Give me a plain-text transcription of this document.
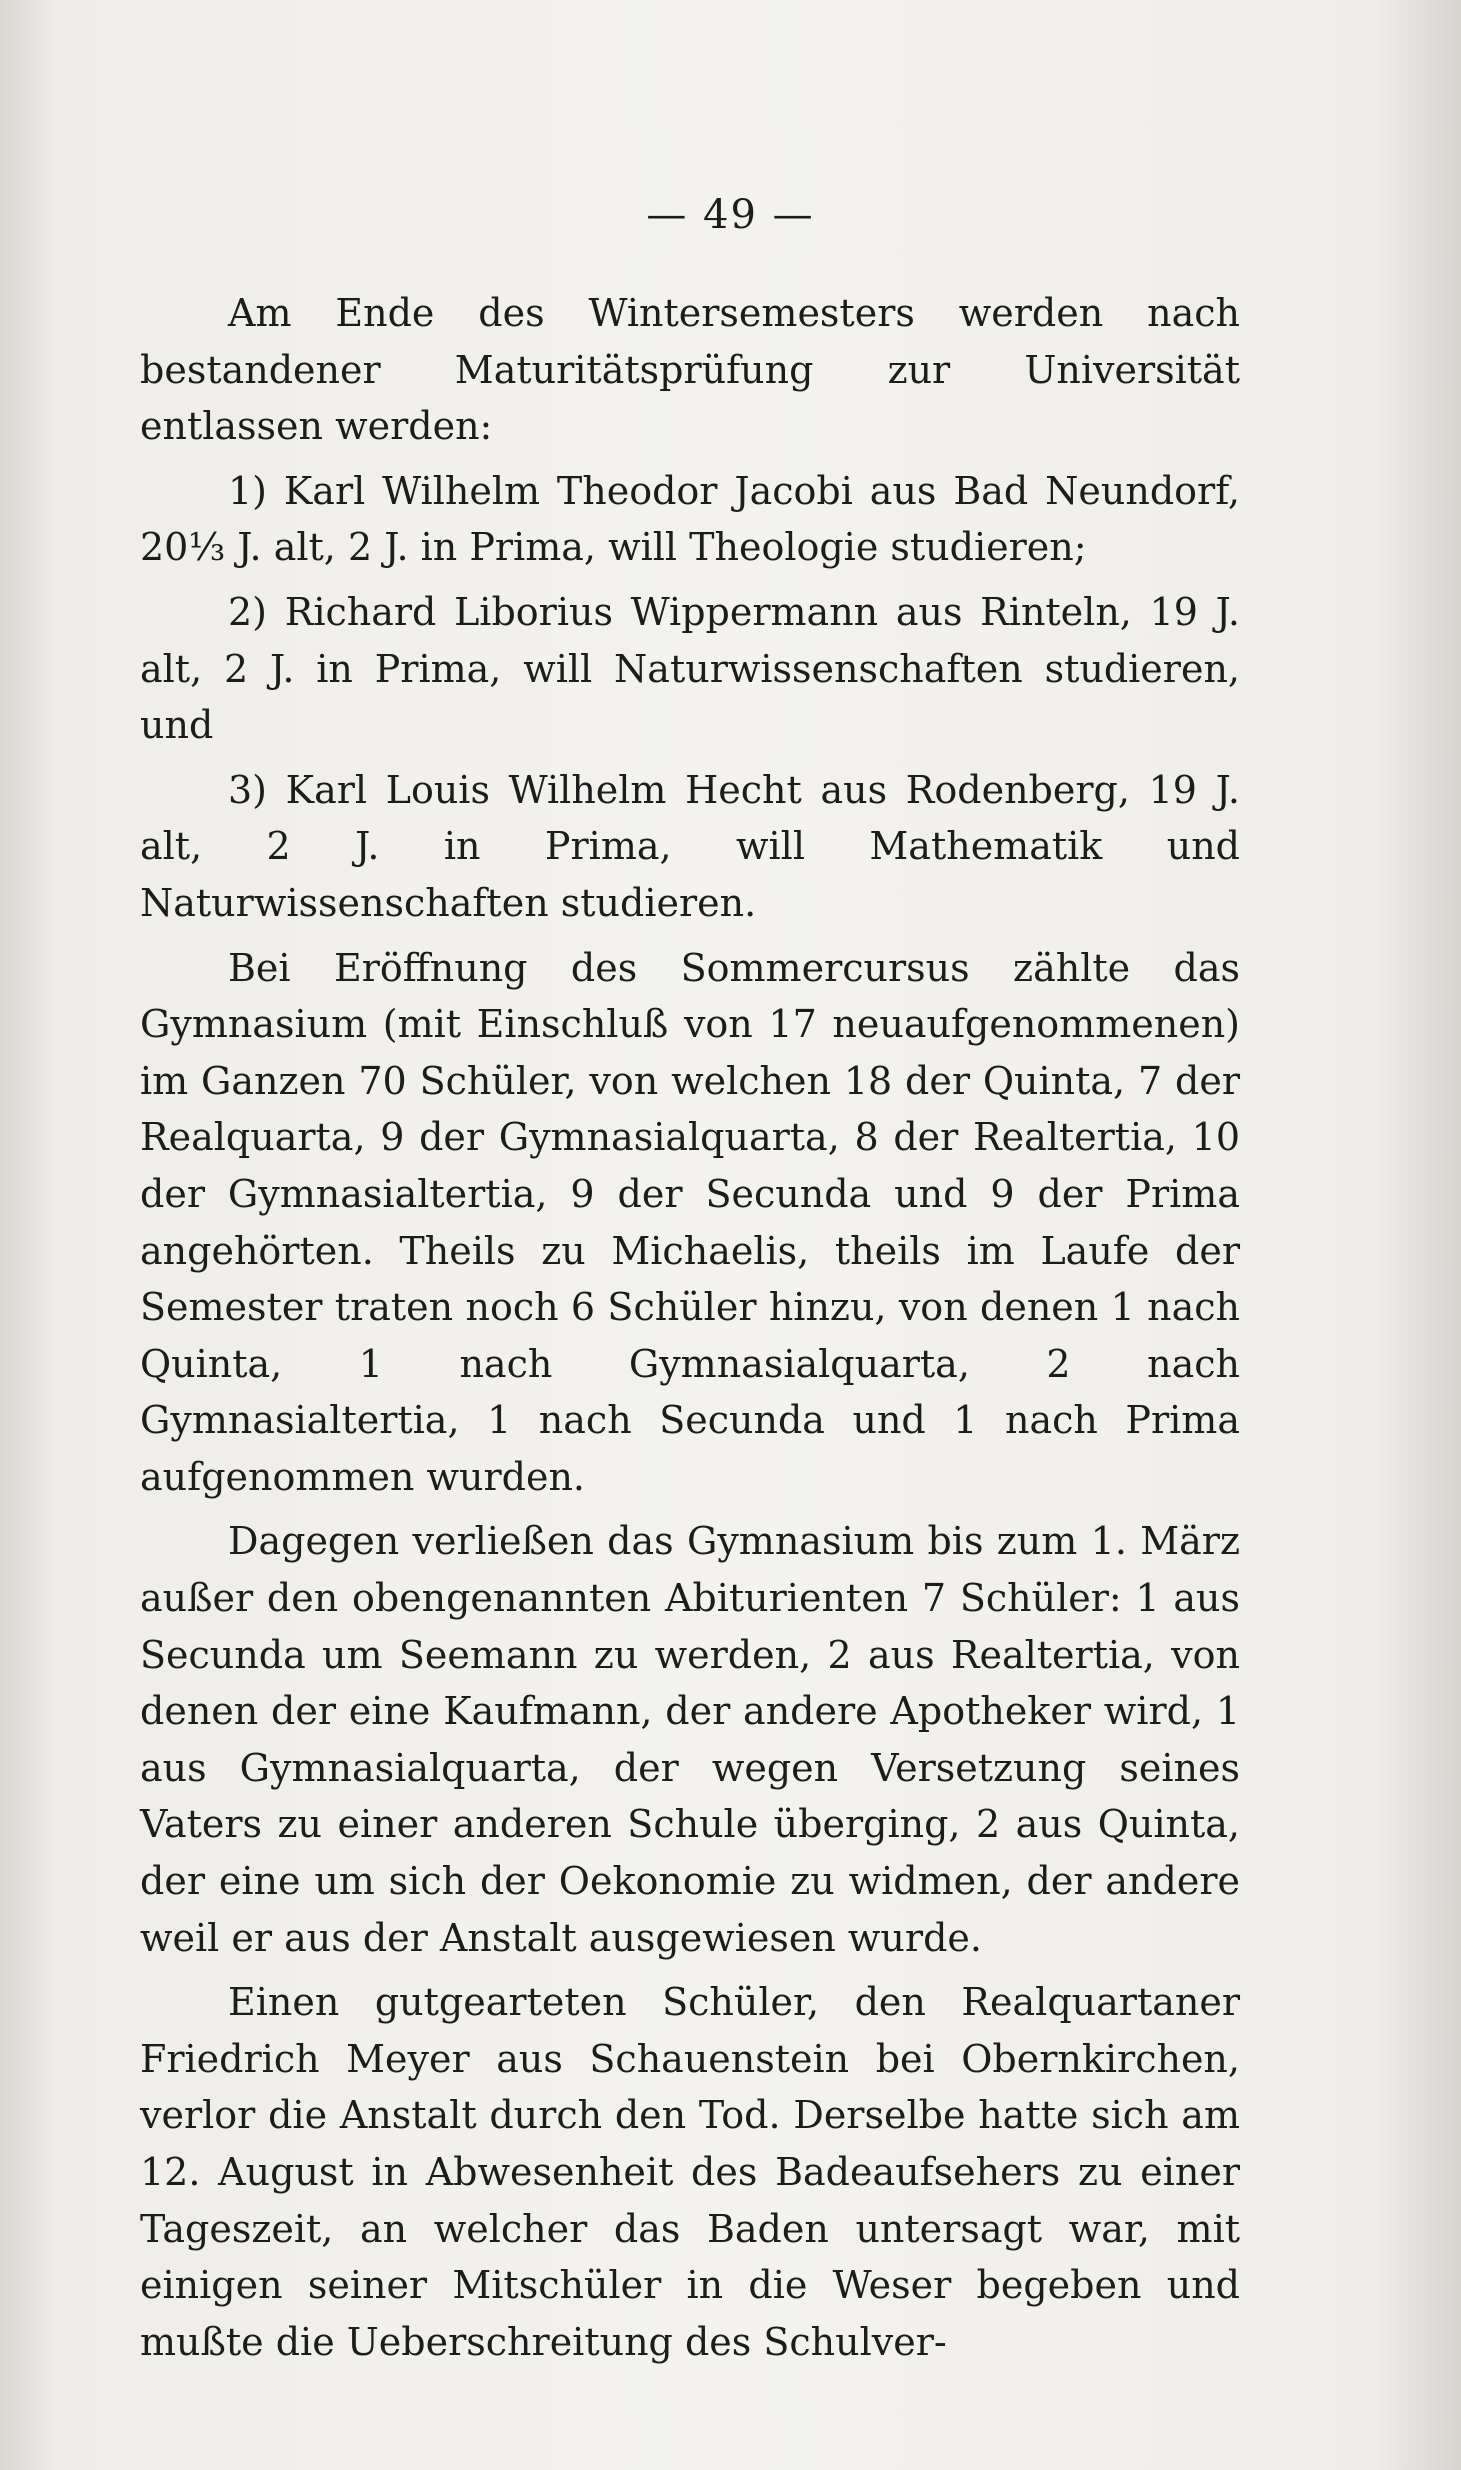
— 49 —

Am Ende des Wintersemesters werden nach bestandener Maturitätsprüfung zur Universität entlassen werden:

1) Karl Wilhelm Theodor Jacobi aus Bad Neundorf, 20⅓ J. alt, 2 J. in Prima, will Theologie studieren;

2) Richard Liborius Wippermann aus Rinteln, 19 J. alt, 2 J. in Prima, will Naturwissenschaften studieren, und

3) Karl Louis Wilhelm Hecht aus Rodenberg, 19 J. alt, 2 J. in Prima, will Mathematik und Naturwissenschaften studieren.

Bei Eröffnung des Sommercursus zählte das Gymnasium (mit Einschluß von 17 neuaufgenommenen) im Ganzen 70 Schüler, von welchen 18 der Quinta, 7 der Realquarta, 9 der Gymnasialquarta, 8 der Realtertia, 10 der Gymnasialtertia, 9 der Secunda und 9 der Prima angehörten. Theils zu Michaelis, theils im Laufe der Semester traten noch 6 Schüler hinzu, von denen 1 nach Quinta, 1 nach Gymnasialquarta, 2 nach Gymnasialtertia, 1 nach Secunda und 1 nach Prima aufgenommen wurden.

Dagegen verließen das Gymnasium bis zum 1. März außer den obengenannten Abiturienten 7 Schüler: 1 aus Secunda um Seemann zu werden, 2 aus Realtertia, von denen der eine Kaufmann, der andere Apotheker wird, 1 aus Gymnasialquarta, der wegen Versetzung seines Vaters zu einer anderen Schule überging, 2 aus Quinta, der eine um sich der Oekonomie zu widmen, der andere weil er aus der Anstalt ausgewiesen wurde.

Einen gutgearteten Schüler, den Realquartaner Friedrich Meyer aus Schauenstein bei Obernkirchen, verlor die Anstalt durch den Tod. Derselbe hatte sich am 12. August in Abwesenheit des Badeaufsehers zu einer Tageszeit, an welcher das Baden untersagt war, mit einigen seiner Mitschüler in die Weser begeben und mußte die Ueberschreitung des Schulver-
